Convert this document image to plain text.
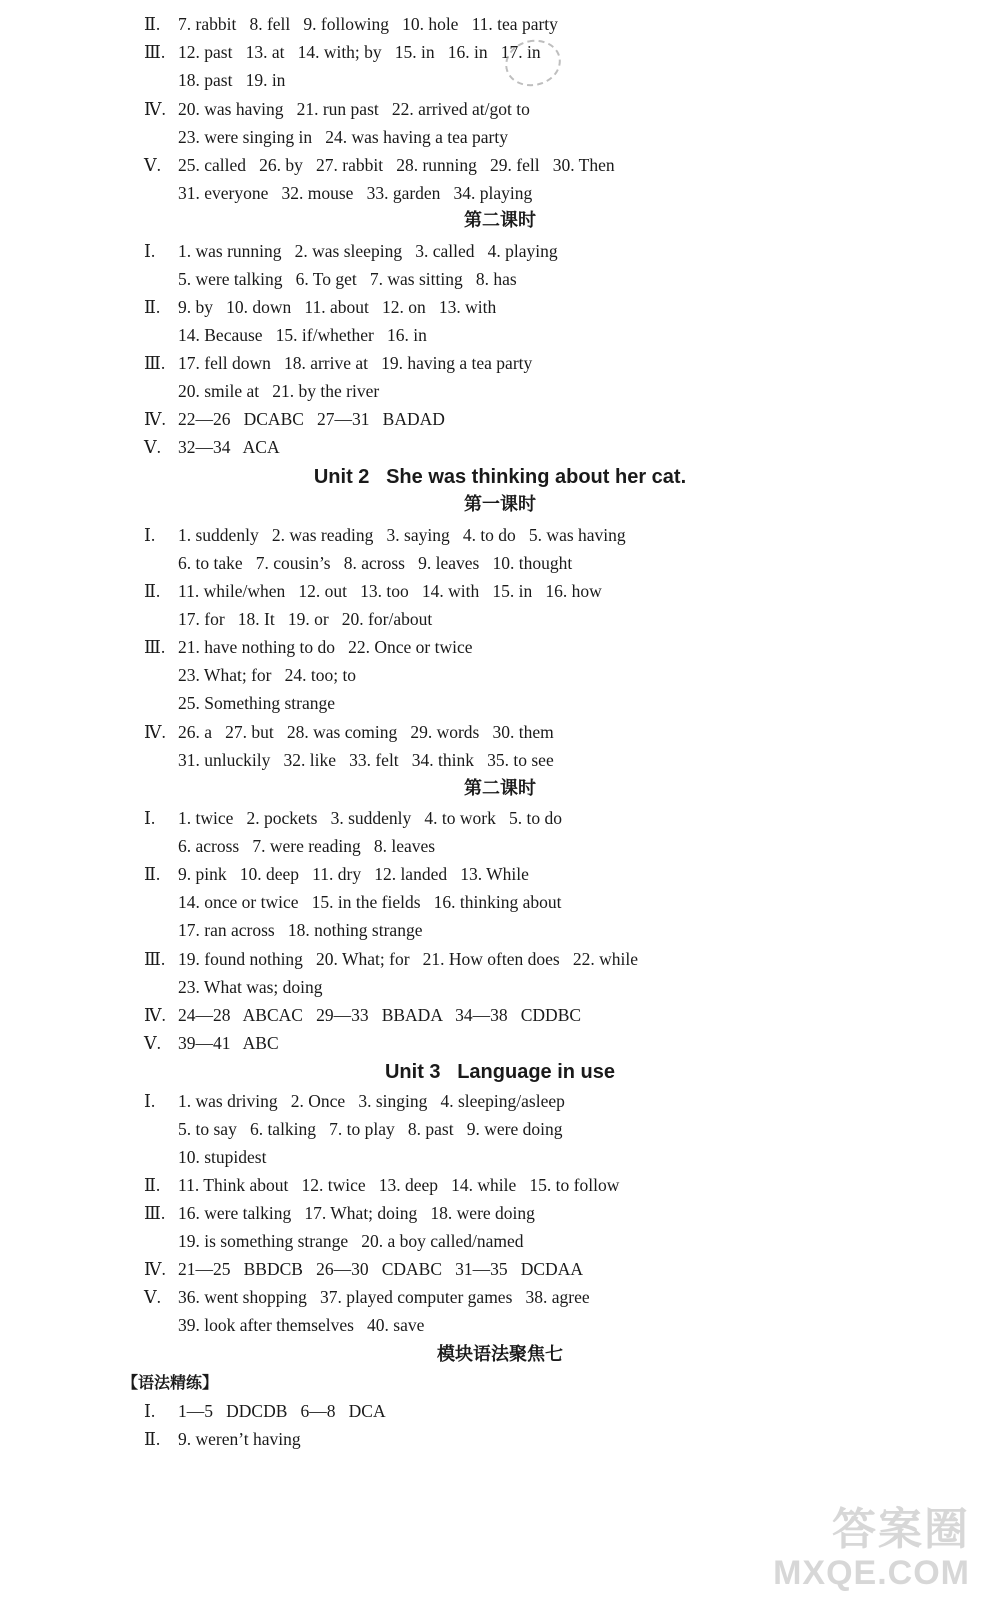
Ⅱ.	7. rabbit   8. fell   9. following   10. hole   11. tea party
Ⅲ. 12. past   13. at   14. with; by   15. in   16. in   17. in
18. past   19. in
Ⅳ. 20. was having   21. run past   22. arrived at/got to
23. were singing in   24. was having a tea party
Ⅴ. 25. called   26. by   27. rabbit   28. running   29. fell   30. Then
31. everyone   32. mouse   33. garden   34. playing
第二课时
Ⅰ.	1. was running   2. was sleeping   3. called   4. playing
5. were talking   6. To get   7. was sitting   8. has
Ⅱ.	9. by   10. down   11. about   12. on   13. with
14. Because   15. if/whether   16. in
Ⅲ. 17. fell down   18. arrive at   19. having a tea party
20. smile at   21. by the river
Ⅳ. 22—26   DCABC   27—31   BADAD
Ⅴ. 32—34   ACA
Unit 2   She was thinking about her cat.
第一课时
Ⅰ.	1. suddenly   2. was reading   3. saying   4. to do   5. was having
6. to take   7. cousin’s   8. across   9. leaves   10. thought
Ⅱ.	11. while/when   12. out   13. too   14. with   15. in   16. how
17. for   18. It   19. or   20. for/about
Ⅲ. 21. have nothing to do   22. Once or twice
23. What; for   24. too; to
25. Something strange
Ⅳ. 26. a   27. but   28. was coming   29. words   30. them
31. unluckily   32. like   33. felt   34. think   35. to see
第二课时
Ⅰ.	1. twice   2. pockets   3. suddenly   4. to work   5. to do
6. across   7. were reading   8. leaves
Ⅱ.	9. pink   10. deep   11. dry   12. landed   13. While
14. once or twice   15. in the fields   16. thinking about
17. ran across   18. nothing strange
Ⅲ. 19. found nothing   20. What; for   21. How often does   22. while
23. What was; doing
Ⅳ. 24—28   ABCAC   29—33   BBADA   34—38   CDDBC
Ⅴ. 39—41   ABC
Unit 3   Language in use
Ⅰ.	1. was driving   2. Once   3. singing   4. sleeping/asleep
5. to say   6. talking   7. to play   8. past   9. were doing
10. stupidest
Ⅱ.	11. Think about   12. twice   13. deep   14. while   15. to follow
Ⅲ. 16. were talking   17. What; doing   18. were doing
19. is something strange   20. a boy called/named
Ⅳ. 21—25   BBDCB   26—30   CDABC   31—35   DCDAA
Ⅴ. 36. went shopping   37. played computer games   38. agree
39. look after themselves   40. save
模块语法聚焦七
【语法精练】
Ⅰ.	1—5   DDCDB   6—8   DCA
Ⅱ.	9. weren’t having
答案圈
MXQE.COM
